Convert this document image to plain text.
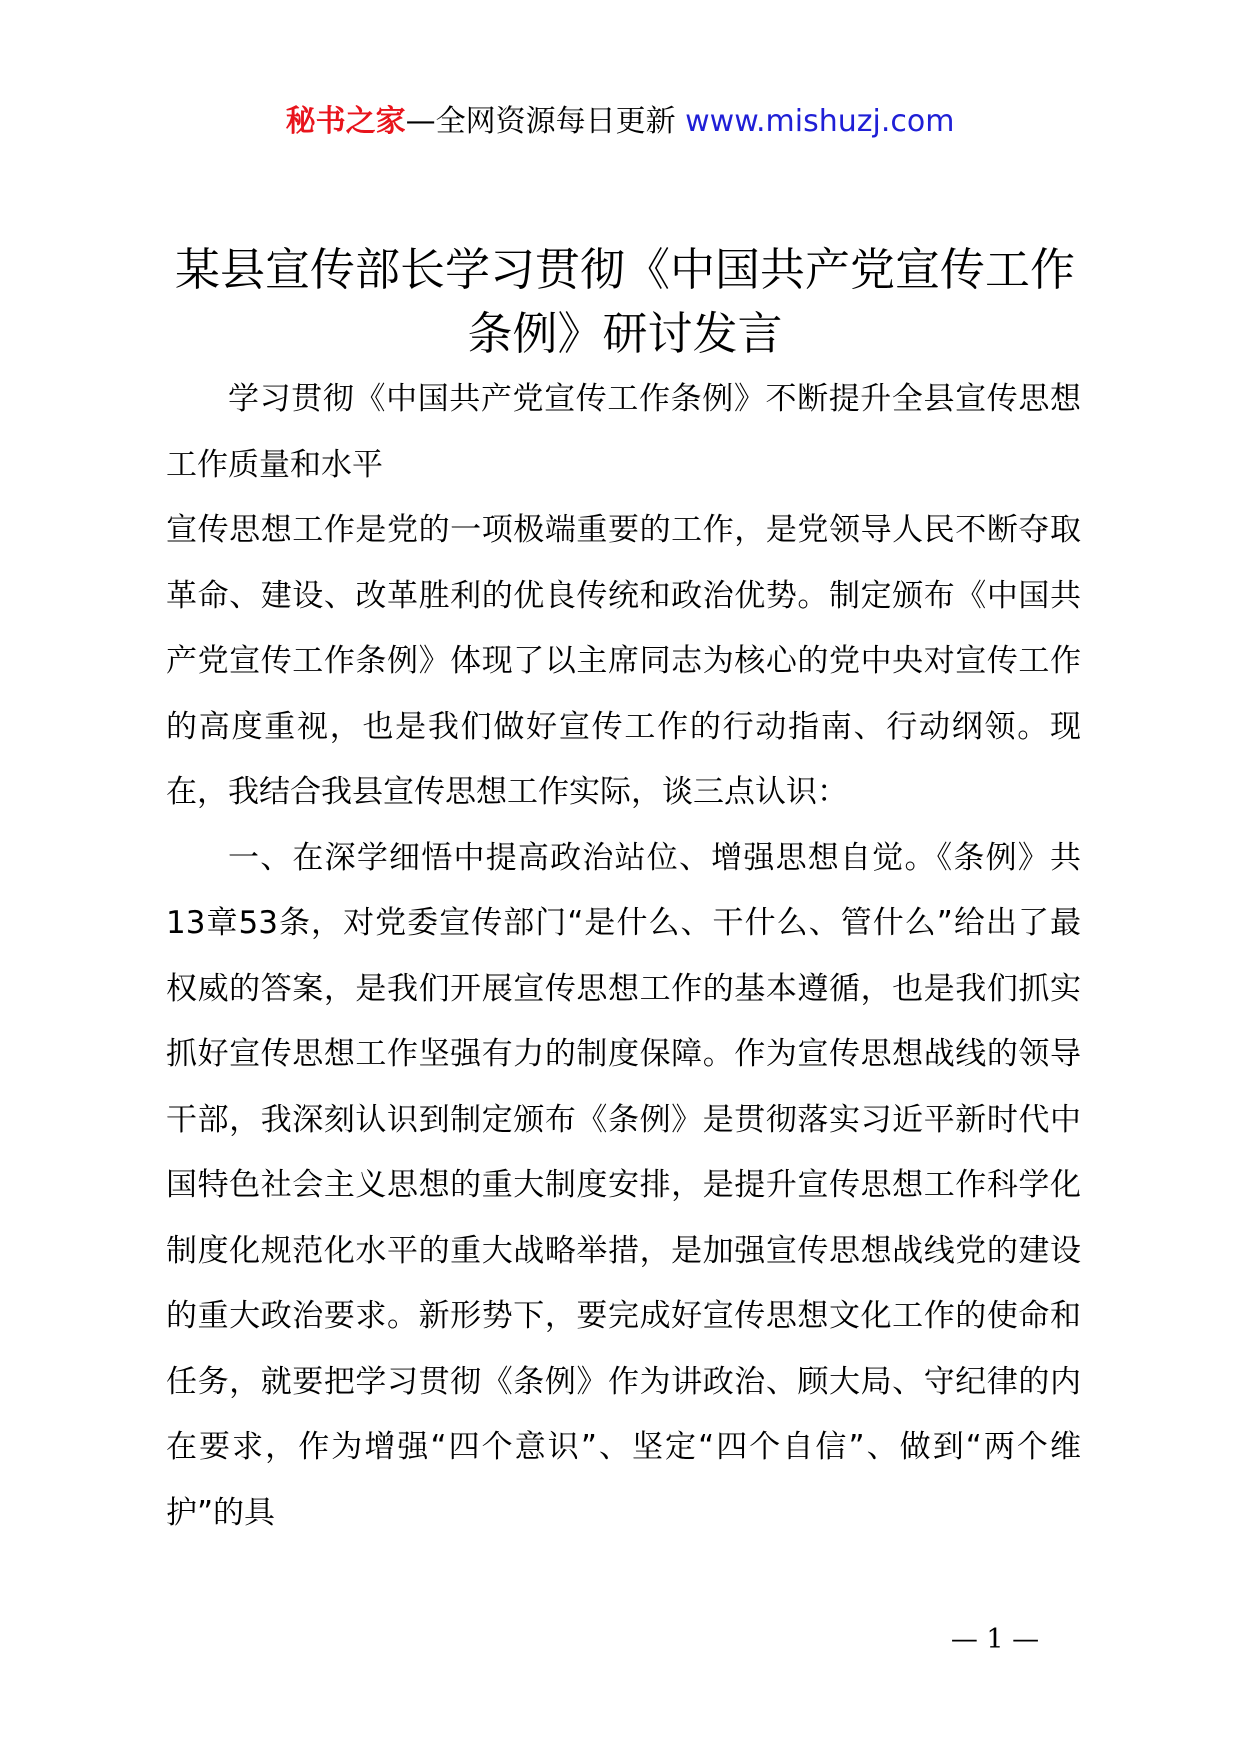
秘书之家—全网资源每日更新 www.mishuzj.com
某县宣传部长学习贯彻《中国共产党宣传工作
条例》研讨发言

学习贯彻《中国共产党宣传工作条例》不断提升全县宣传思想工作质量和水平

宣传思想工作是党的一项极端重要的工作，是党领导人民不断夺取革命、建设、改革胜利的优良传统和政治优势。制定颁布《中国共产党宣传工作条例》体现了以主席同志为核心的党中央对宣传工作的高度重视，也是我们做好宣传工作的行动指南、行动纲领。现在，我结合我县宣传思想工作实际，谈三点认识：

一、在深学细悟中提高政治站位、增强思想自觉。《条例》共13章53条，对党委宣传部门“是什么、干什么、管什么”给出了最权威的答案，是我们开展宣传思想工作的基本遵循，也是我们抓实抓好宣传思想工作坚强有力的制度保障。作为宣传思想战线的领导干部，我深刻认识到制定颁布《条例》是贯彻落实习近平新时代中国特色社会主义思想的重大制度安排，是提升宣传思想工作科学化制度化规范化水平的重大战略举措，是加强宣传思想战线党的建设的重大政治要求。新形势下，要完成好宣传思想文化工作的使命和任务，就要把学习贯彻《条例》作为讲政治、顾大局、守纪律的内在要求，作为增强“四个意识”、坚定“四个自信”、做到“两个维护”的具

— 1 —
